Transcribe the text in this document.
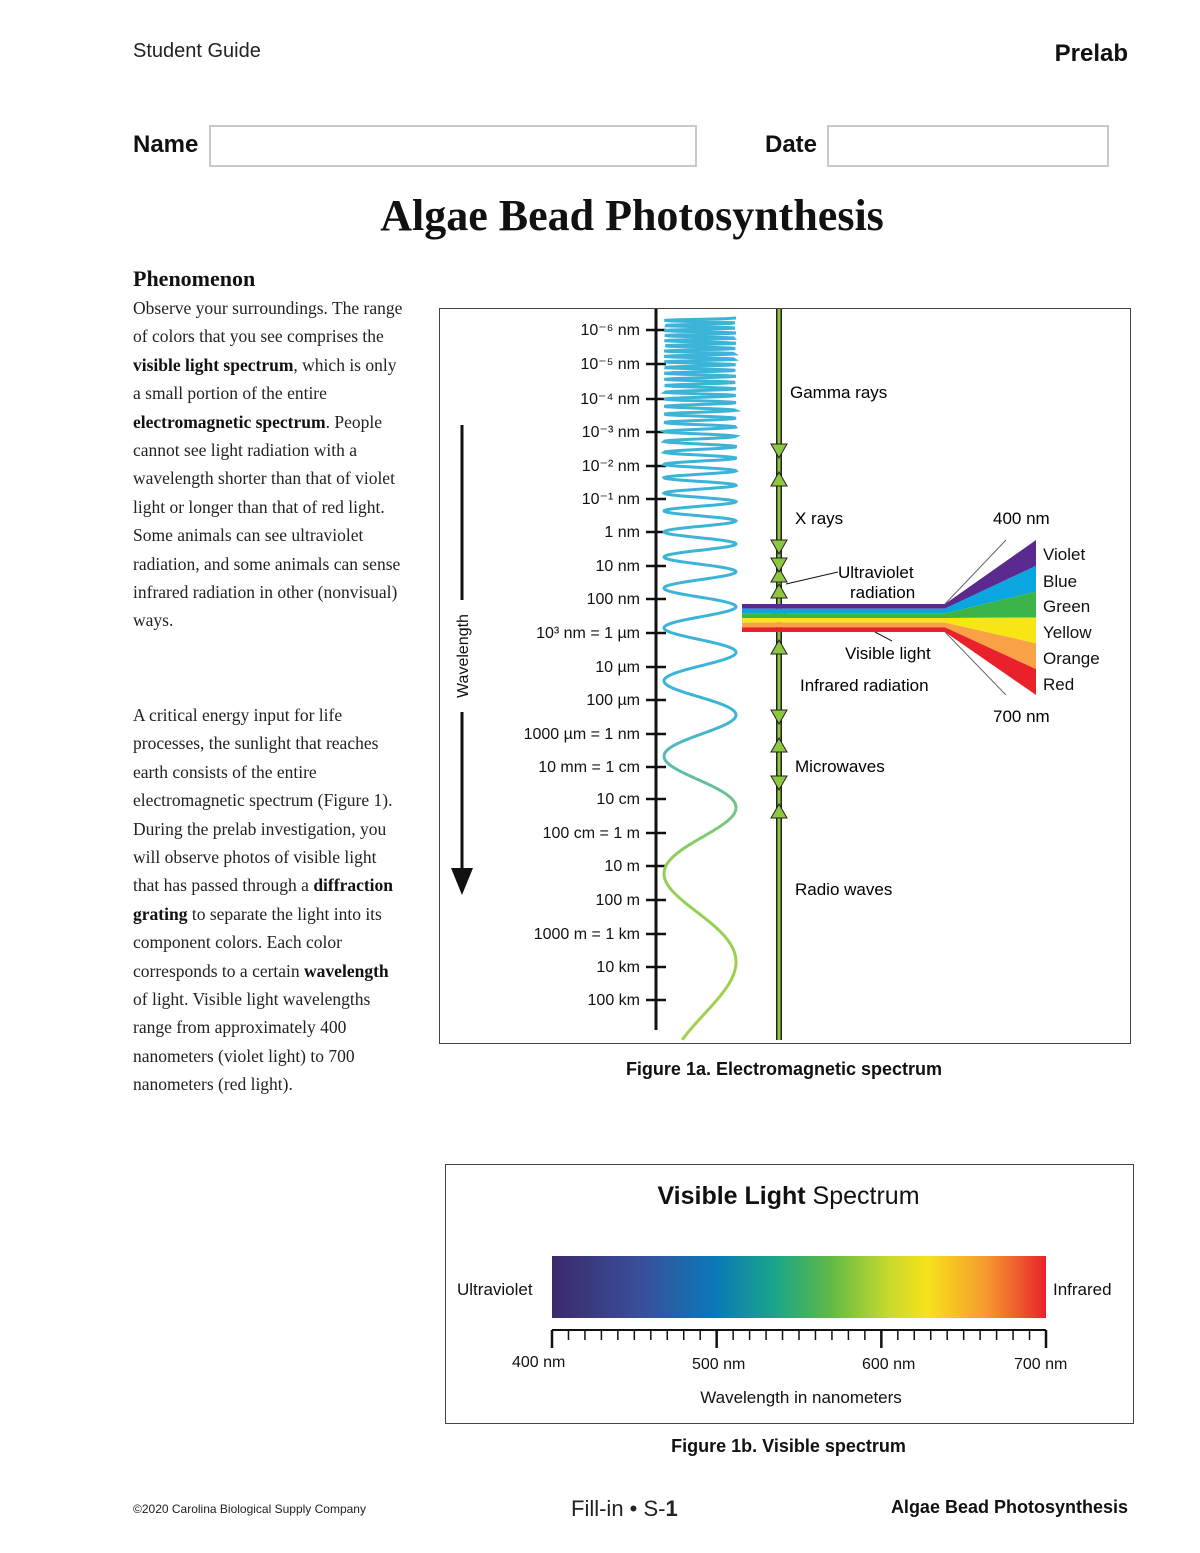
Student Guide	Prelab
Name	Date
Algae Bead Photosynthesis
Phenomenon
Observe your surroundings. The range of colors that you see comprises the visible light spectrum, which is only a small portion of the entire electromagnetic spectrum. People cannot see light radiation with a wavelength shorter than that of violet light or longer than that of red light. Some animals can see ultraviolet radiation, and some animals can sense infrared radiation in other (nonvisual) ways.
A critical energy input for life processes, the sunlight that reaches earth consists of the entire electromagnetic spectrum (Figure 1). During the prelab investigation, you will observe photos of visible light that has passed through a diffraction grating to separate the light into its component colors. Each color corresponds to a certain wavelength of light. Visible light wavelengths range from approximately 400 nanometers (violet light) to 700 nanometers (red light).
Wavelength
10⁻⁶ nm
10⁻⁵ nm
10⁻⁴ nm
10⁻³ nm
10⁻² nm
10⁻¹ nm
1 nm
10 nm
100 nm
10³ nm = 1 µm
10 µm
100 µm
1000 µm = 1 nm
10 mm = 1 cm
10 cm
100 cm = 1 m
10 m
100 m
1000 m = 1 km
10 km
100 km
Gamma rays
X rays
Ultraviolet
radiation
Visible light
Infrared radiation
Microwaves
Radio waves
400 nm
700 nm
Violet
Blue
Green
Yellow
Orange
Red
Figure 1a. Electromagnetic spectrum
Visible Light Spectrum
Ultraviolet	Infrared
400 nm	500 nm	600 nm	700 nm
Wavelength in nanometers
Figure 1b. Visible spectrum
©2020 Carolina Biological Supply Company	Fill-in • S-1	Algae Bead Photosynthesis
